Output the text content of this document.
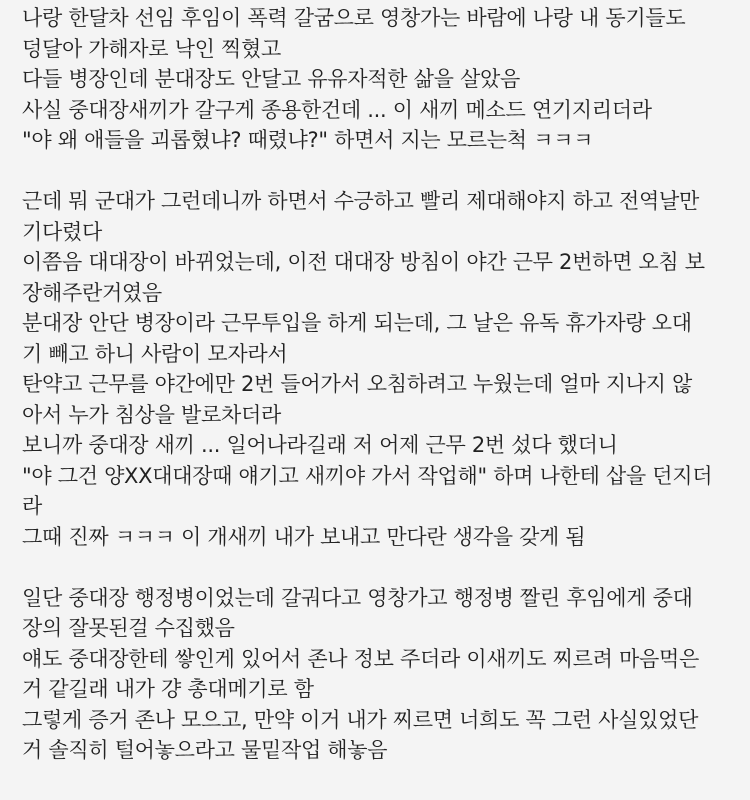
나랑 한달차 선임 후임이 폭력 갈굼으로 영창가는 바람에 나랑 내 동기들도
덩달아 가해자로 낙인 찍혔고
다들 병장인데 분대장도 안달고 유유자적한 삶을 살았음
사실 중대장새끼가 갈구게 종용한건데 ... 이 새끼 메소드 연기지리더라
"야 왜 애들을 괴롭혔냐? 때렸냐?" 하면서 지는 모르는척 ㅋㅋㅋ
근데 뭐 군대가 그런데니까 하면서 수긍하고 빨리 제대해야지 하고 전역날만
기다렸다
이쯤음 대대장이 바뀌었는데, 이전 대대장 방침이 야간 근무 2번하면 오침 보
장해주란거였음
분대장 안단 병장이라 근무투입을 하게 되는데, 그 날은 유독 휴가자랑 오대
기 빼고 하니 사람이 모자라서
탄약고 근무를 야간에만 2번 들어가서 오침하려고 누웠는데 얼마 지나지 않
아서 누가 침상을 발로차더라
보니까 중대장 새끼 ... 일어나라길래 저 어제 근무 2번 섰다 했더니
"야 그건 양XX대대장때 얘기고 새끼야 가서 작업해" 하며 나한테 삽을 던지더
라
그때 진짜 ㅋㅋㅋ 이 개새끼 내가 보내고 만다란 생각을 갖게 됨
일단 중대장 행정병이었는데 갈궈다고 영창가고 행정병 짤린 후임에게 중대
장의 잘못된걸 수집했음
얘도 중대장한테 쌓인게 있어서 존나 정보 주더라 이새끼도 찌르려 마음먹은
거 같길래 내가 걍 총대메기로 함
그렇게 증거 존나 모으고, 만약 이거 내가 찌르면 너희도 꼭 그런 사실있었단
거 솔직히 털어놓으라고 물밑작업 해놓음
